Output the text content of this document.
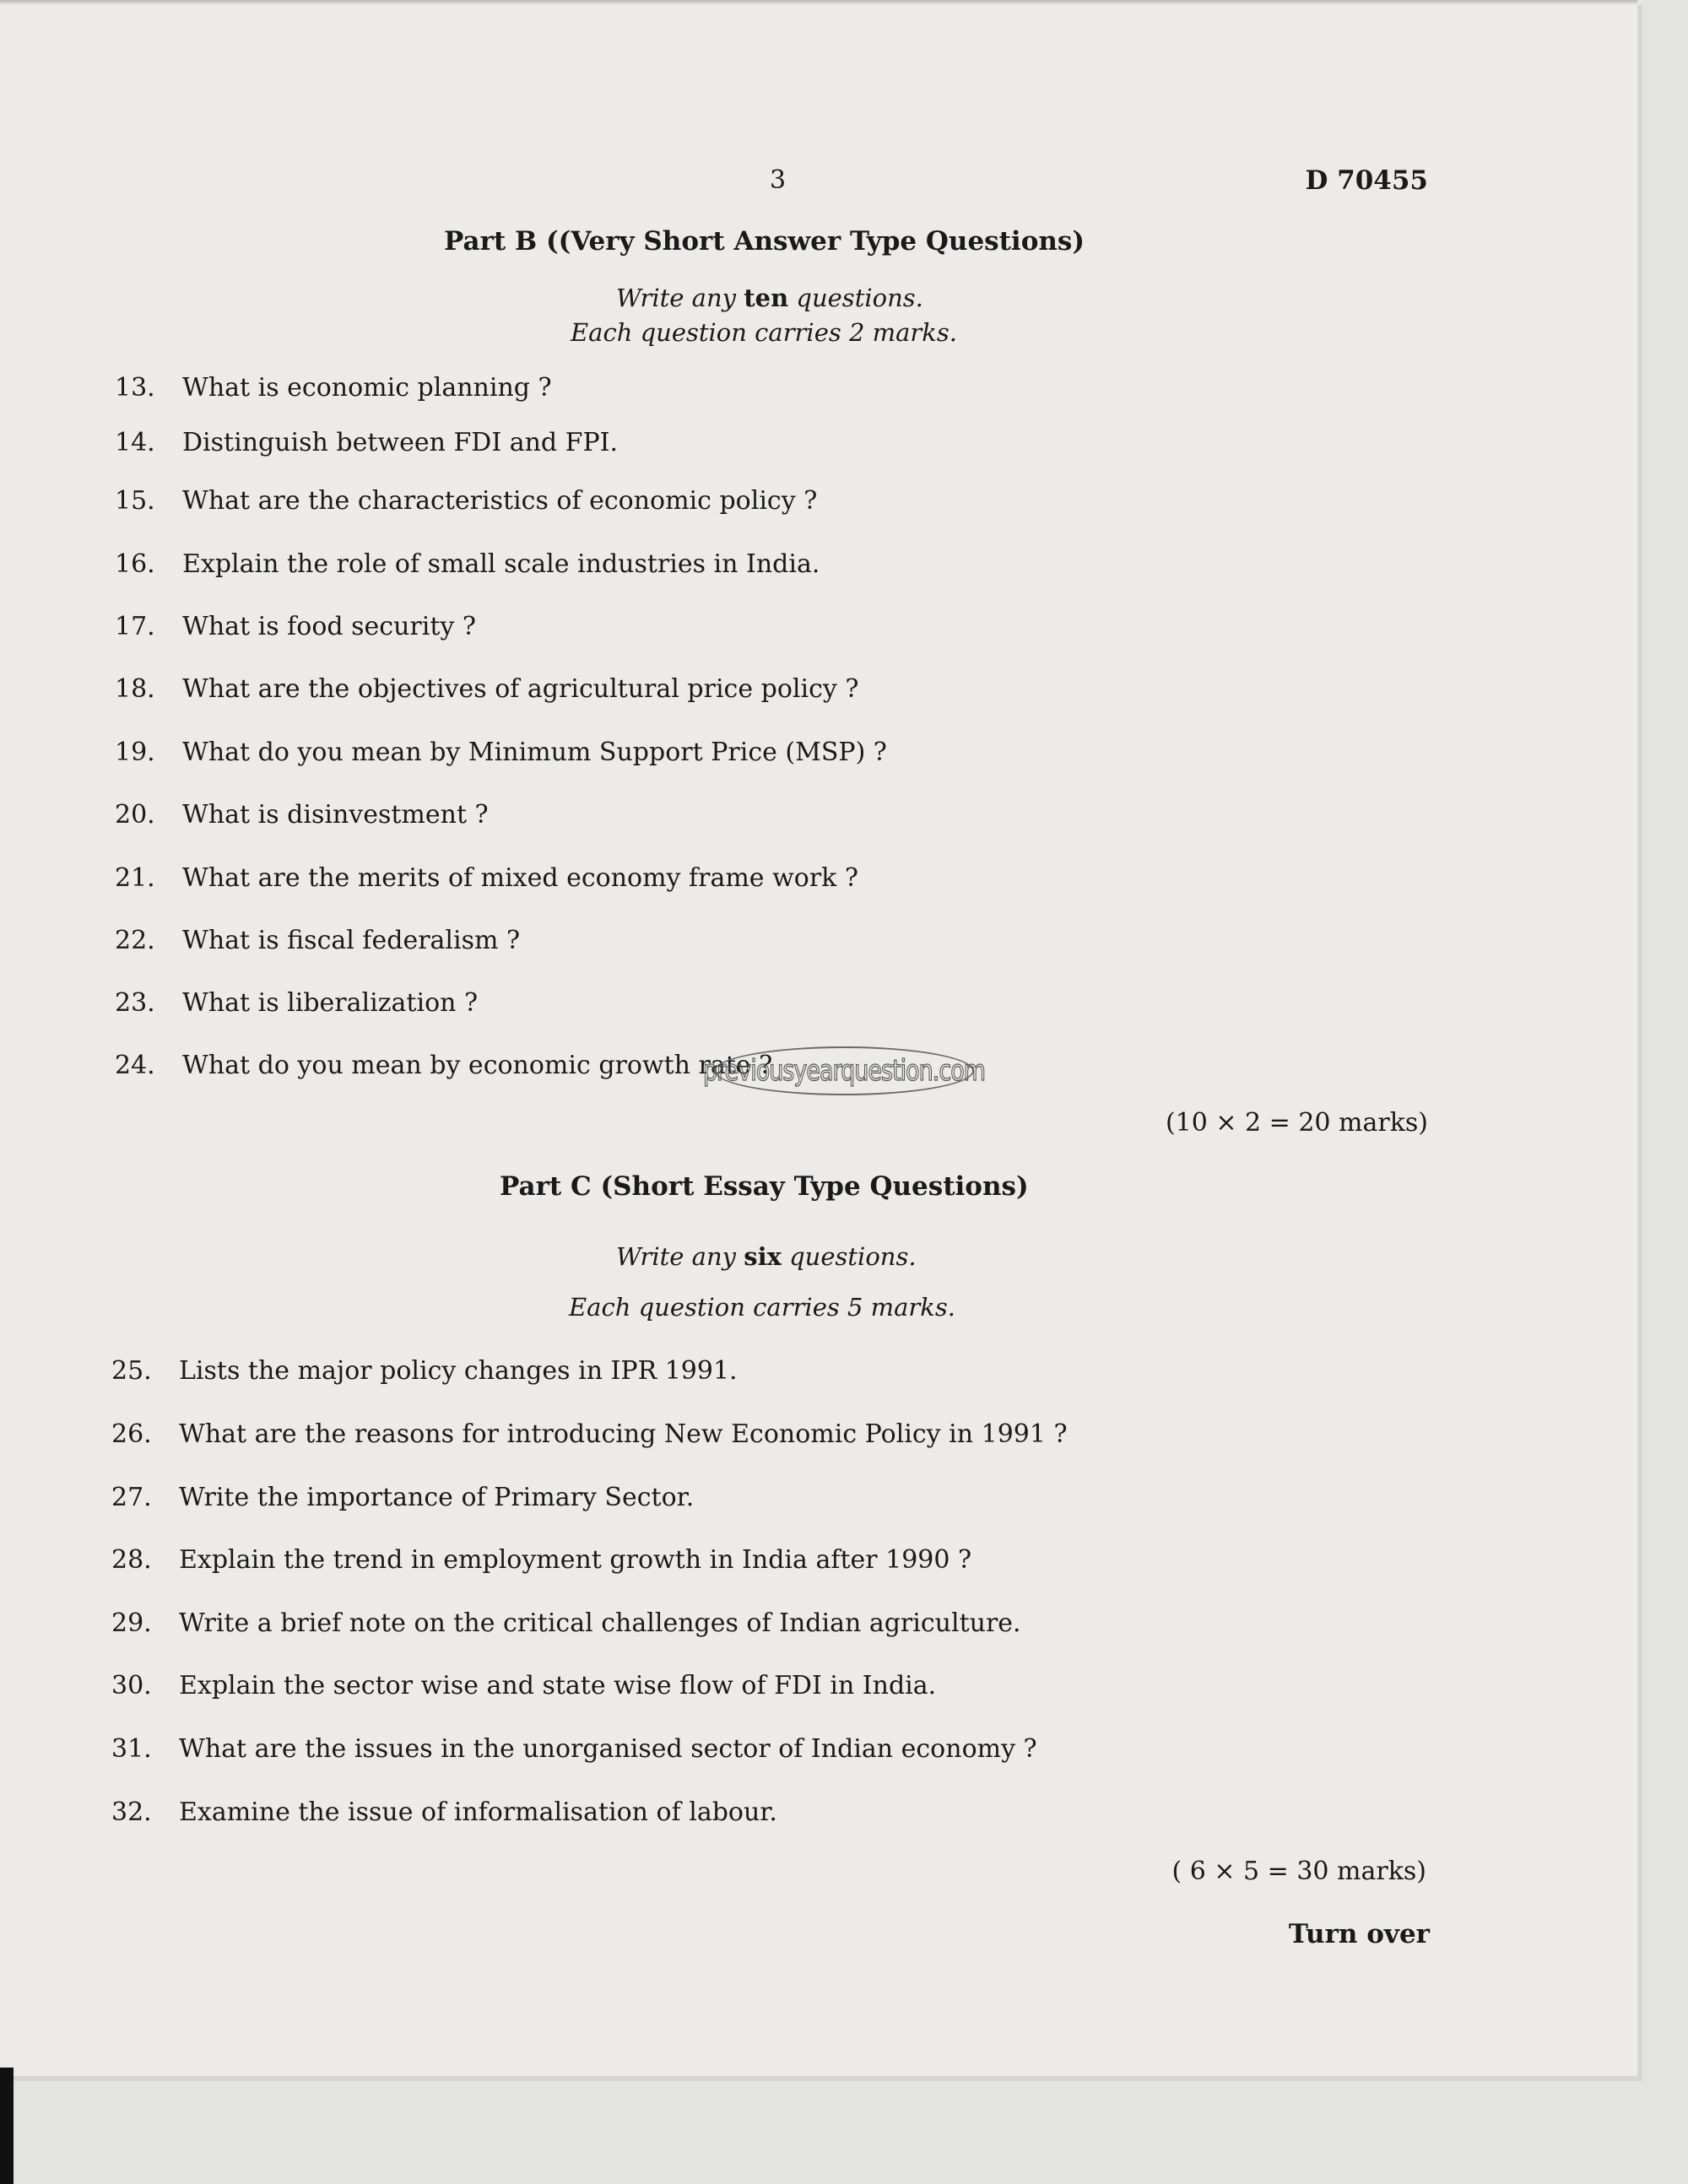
3	D 70455
Part B ((Very Short Answer Type Questions)
Write any ten questions.
Each question carries 2 marks.
13. What is economic planning ?
14. Distinguish between FDI and FPI.
15. What are the characteristics of economic policy ?
16. Explain the role of small scale industries in India.
17. What is food security ?
18. What are the objectives of agricultural price policy ?
19. What do you mean by Minimum Support Price (MSP) ?
20. What is disinvestment ?
21. What are the merits of mixed economy frame work ?
22. What is fiscal federalism ?
23. What is liberalization ?
24. What do you mean by economic growth rate ?
previousyearquestion.com
(10 × 2 = 20 marks)
Part C (Short Essay Type Questions)
Write any six questions.
Each question carries 5 marks.
25. Lists the major policy changes in IPR 1991.
26. What are the reasons for introducing New Economic Policy in 1991 ?
27. Write the importance of Primary Sector.
28. Explain the trend in employment growth in India after 1990 ?
29. Write a brief note on the critical challenges of Indian agriculture.
30. Explain the sector wise and state wise flow of FDI in India.
31. What are the issues in the unorganised sector of Indian economy ?
32. Examine the issue of informalisation of labour.
( 6 × 5 = 30 marks)
Turn over
